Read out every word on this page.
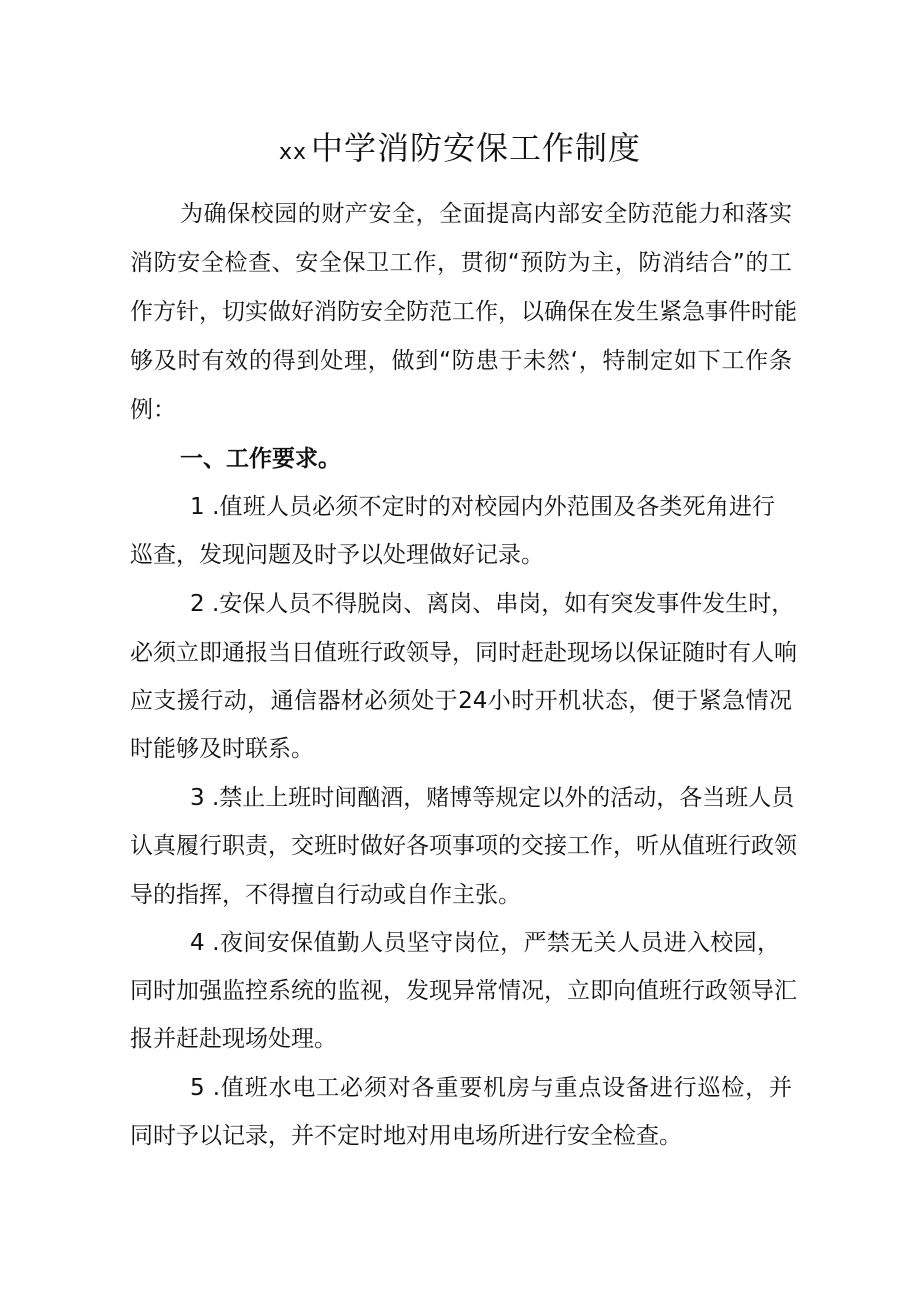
xx 中学消防安保工作制度
为确保校园的财产安全，全面提高内部安全防范能力和落实
消防安全检查、安全保卫工作，贯彻“预防为主，防消结合”的工
作方针，切实做好消防安全防范工作，以确保在发生紧急事件时能
够及时有效的得到处理，做到“防患于未然‘，特制定如下工作条
例：
一、工作要求。
1 .值班人员必须不定时的对校园内外范围及各类死角进行
巡查，发现问题及时予以处理做好记录。
2 .安保人员不得脱岗、离岗、串岗，如有突发事件发生时，
必须立即通报当日值班行政领导，同时赶赴现场以保证随时有人响
应支援行动，通信器材必须处于24小时开机状态，便于紧急情况
时能够及时联系。
3 .禁止上班时间酗酒，赌博等规定以外的活动，各当班人员
认真履行职责，交班时做好各项事项的交接工作，听从值班行政领
导的指挥，不得擅自行动或自作主张。
4 .夜间安保值勤人员坚守岗位，严禁无关人员进入校园，
同时加强监控系统的监视，发现异常情况，立即向值班行政领导汇
报并赶赴现场处理。
5 .值班水电工必须对各重要机房与重点设备进行巡检，并
同时予以记录，并不定时地对用电场所进行安全检查。
